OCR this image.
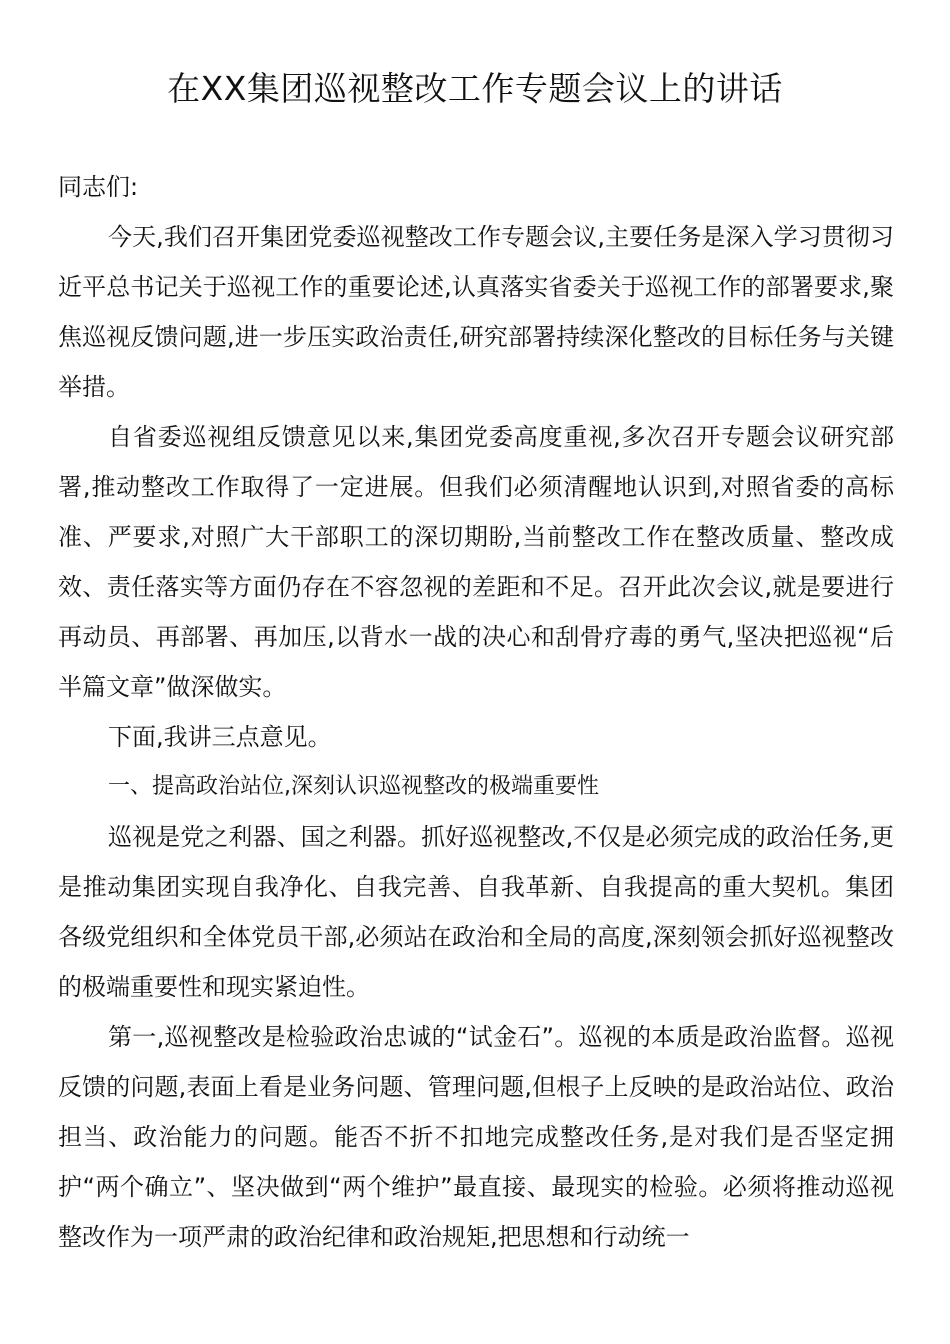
在XX集团巡视整改工作专题会议上的讲话

同志们:

今天,我们召开集团党委巡视整改工作专题会议,主要任务是深入学习贯彻习近平总书记关于巡视工作的重要论述,认真落实省委关于巡视工作的部署要求,聚焦巡视反馈问题,进一步压实政治责任,研究部署持续深化整改的目标任务与关键举措。

自省委巡视组反馈意见以来,集团党委高度重视,多次召开专题会议研究部署,推动整改工作取得了一定进展。但我们必须清醒地认识到,对照省委的高标准、严要求,对照广大干部职工的深切期盼,当前整改工作在整改质量、整改成效、责任落实等方面仍存在不容忽视的差距和不足。召开此次会议,就是要进行再动员、再部署、再加压,以背水一战的决心和刮骨疗毒的勇气,坚决把巡视“后半篇文章”做深做实。

下面,我讲三点意见。

一、提高政治站位,深刻认识巡视整改的极端重要性

巡视是党之利器、国之利器。抓好巡视整改,不仅是必须完成的政治任务,更是推动集团实现自我净化、自我完善、自我革新、自我提高的重大契机。集团各级党组织和全体党员干部,必须站在政治和全局的高度,深刻领会抓好巡视整改的极端重要性和现实紧迫性。

第一,巡视整改是检验政治忠诚的“试金石”。巡视的本质是政治监督。巡视反馈的问题,表面上看是业务问题、管理问题,但根子上反映的是政治站位、政治担当、政治能力的问题。能否不折不扣地完成整改任务,是对我们是否坚定拥护“两个确立”、坚决做到“两个维护”最直接、最现实的检验。必须将推动巡视整改作为一项严肃的政治纪律和政治规矩,把思想和行动统一
